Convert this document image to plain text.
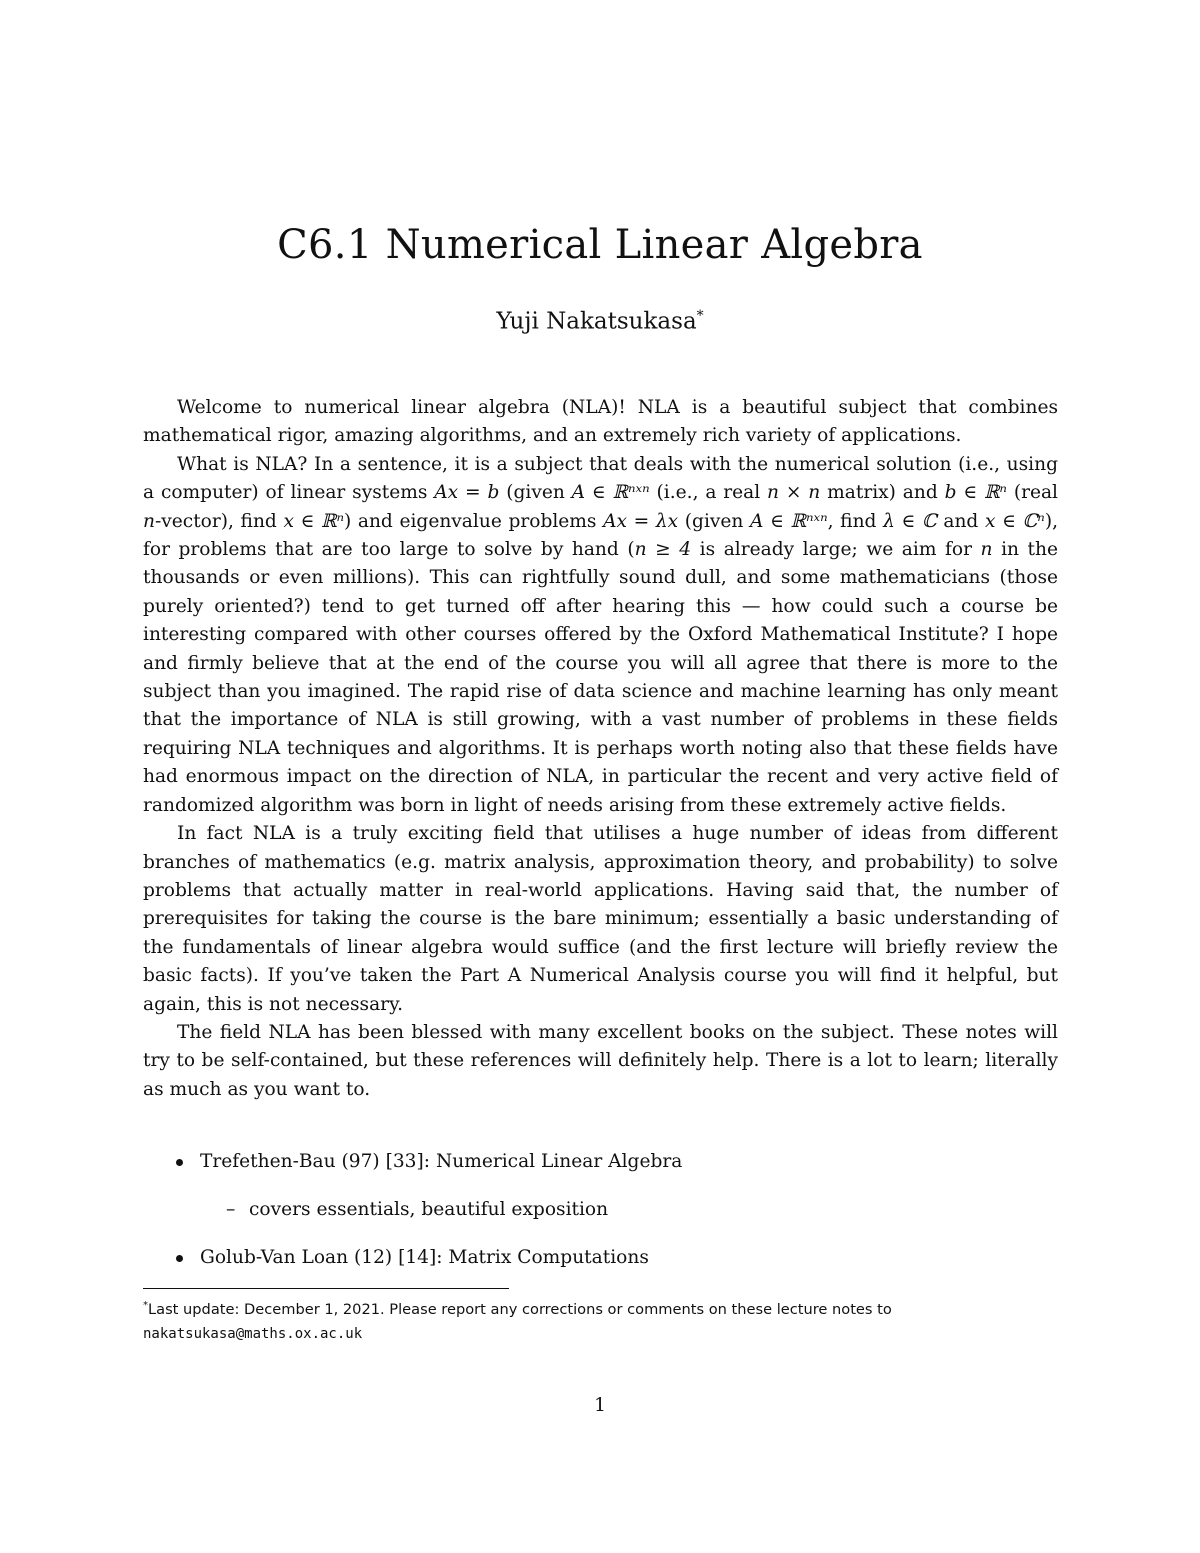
C6.1 Numerical Linear Algebra
Yuji Nakatsukasa*

Welcome to numerical linear algebra (NLA)! NLA is a beautiful subject that combines mathematical rigor, amazing algorithms, and an extremely rich variety of applications.

What is NLA? In a sentence, it is a subject that deals with the numerical solution (i.e., using a computer) of linear systems Ax = b (given A ∈ ℝⁿˣⁿ (i.e., a real n × n matrix) and b ∈ ℝⁿ (real n-vector), find x ∈ ℝⁿ) and eigenvalue problems Ax = λx (given A ∈ ℝⁿˣⁿ, find λ ∈ ℂ and x ∈ ℂⁿ), for problems that are too large to solve by hand (n ≥ 4 is already large; we aim for n in the thousands or even millions). This can rightfully sound dull, and some mathematicians (those purely oriented?) tend to get turned off after hearing this — how could such a course be interesting compared with other courses offered by the Oxford Mathematical Institute? I hope and firmly believe that at the end of the course you will all agree that there is more to the subject than you imagined. The rapid rise of data science and machine learning has only meant that the importance of NLA is still growing, with a vast number of problems in these fields requiring NLA techniques and algorithms. It is perhaps worth noting also that these fields have had enormous impact on the direction of NLA, in particular the recent and very active field of randomized algorithm was born in light of needs arising from these extremely active fields.

In fact NLA is a truly exciting field that utilises a huge number of ideas from different branches of mathematics (e.g. matrix analysis, approximation theory, and probability) to solve problems that actually matter in real-world applications. Having said that, the number of prerequisites for taking the course is the bare minimum; essentially a basic understanding of the fundamentals of linear algebra would suffice (and the first lecture will briefly review the basic facts). If you’ve taken the Part A Numerical Analysis course you will find it helpful, but again, this is not necessary.

The field NLA has been blessed with many excellent books on the subject. These notes will try to be self-contained, but these references will definitely help. There is a lot to learn; literally as much as you want to.

Trefethen-Bau (97) [33]: Numerical Linear Algebra
– covers essentials, beautiful exposition
Golub-Van Loan (12) [14]: Matrix Computations
*Last update: December 1, 2021. Please report any corrections or comments on these lecture notes to
nakatsukasa@maths.ox.ac.uk
1
